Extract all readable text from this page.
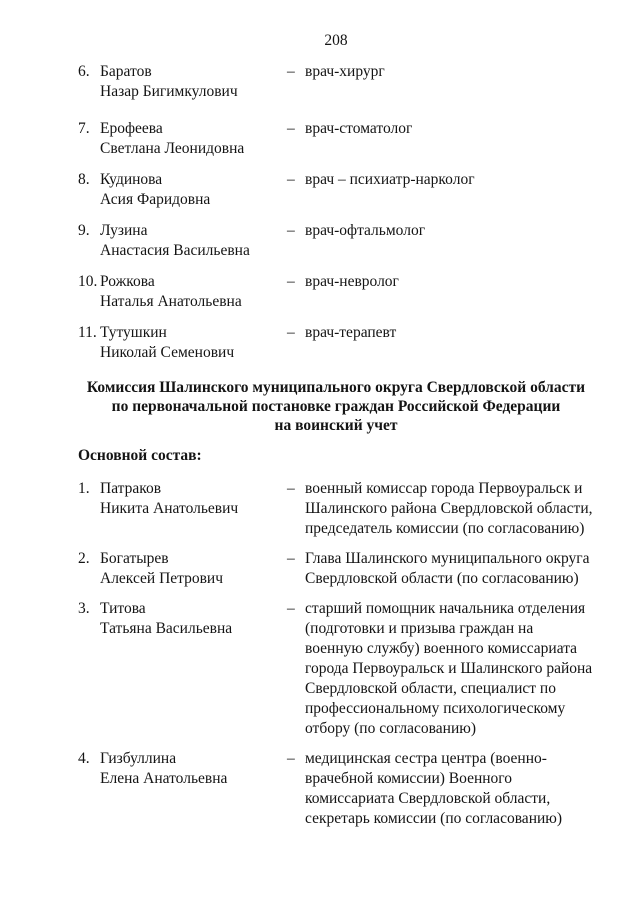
208
6. Баратов
Назар Бигимкулович
– врач-хирург
7. Ерофеева
Светлана Леонидовна
– врач-стоматолог
8. Кудинова
Асия Фаридовна
– врач – психиатр-нарколог
9. Лузина
Анастасия Васильевна
– врач-офтальмолог
10. Рожкова
Наталья Анатольевна
– врач-невролог
11. Тутушкин
Николай Семенович
– врач-терапевт
Комиссия Шалинского муниципального округа Свердловской области
по первоначальной постановке граждан Российской Федерации
на воинский учет
Основной состав:
1. Патраков
Никита Анатольевич
– военный комиссар города Первоуральск и Шалинского района Свердловской области, председатель комиссии (по согласованию)
2. Богатырев
Алексей Петрович
– Глава Шалинского муниципального округа Свердловской области (по согласованию)
3. Титова
Татьяна Васильевна
– старший помощник начальника отделения (подготовки и призыва граждан на военную службу) военного комиссариата города Первоуральск и Шалинского района Свердловской области, специалист по профессиональному психологическому отбору (по согласованию)
4. Гизбуллина
Елена Анатольевна
– медицинская сестра центра (военно-врачебной комиссии) Военного комиссариата Свердловской области, секретарь комиссии (по согласованию)
